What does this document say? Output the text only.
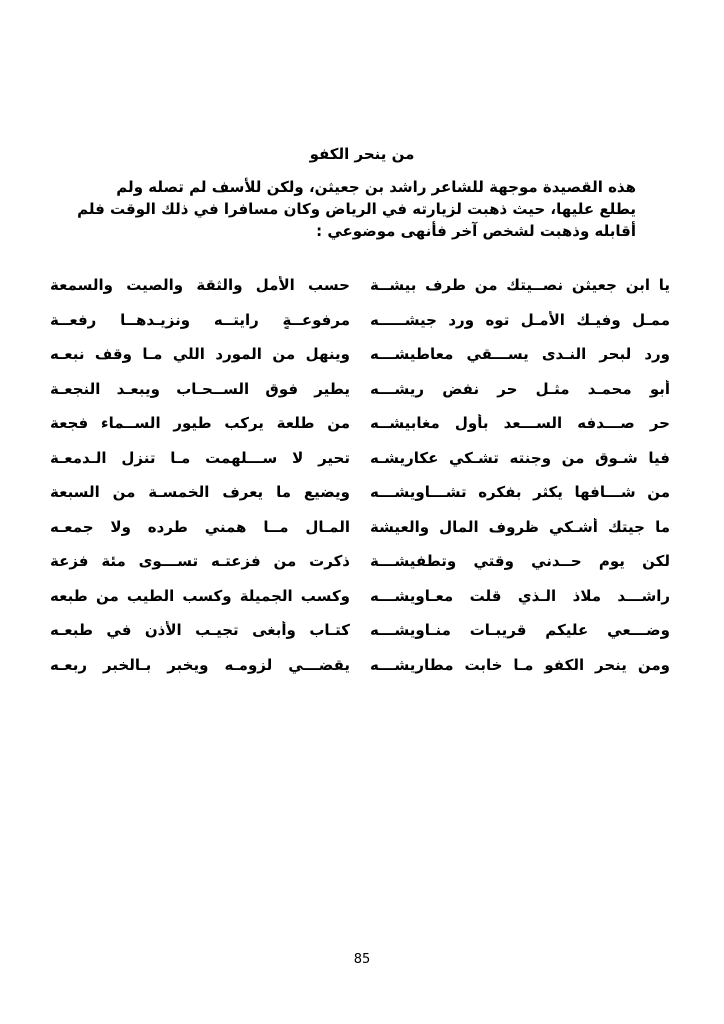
من ينحر الكفو
هذه القصيدة موجهة للشاعر راشد بن جعيثن، ولكن للأسف لم تصله ولم
يطلع عليها، حيث ذهبت لزيارته في الرياض وكان مسافرا في ذلك الوقت فلم
أقابله وذهبت لشخص آخر فأنهى موضوعي :
يا ابن جعيثن نصــيتك من طرف بيشــة
حسب الأمل والثقة والصيت والسمعة
ممـل وفيـك الأمـل توه ورد جيشـــــه
مرفوعــةٍ رايتــه ونزيـدهــا رفعــة
ورد لبحر النـدى يســـقي معاطيشـــه
وينهل من المورد اللي مـا وقف نبعـه
أبو محمـد مثـل حرٍ نفض ريشـــه
يطير فوق الســحـاب ويبعـد النجعـة
حرٍ صـــدفه الســـعد بأول مغابيشــه
من طلعة يركب طيور الســماء فجعة
فيا شـوق من وجنته تشـكي عكاريشـه
تحير لا ســـلهمت مـا تنزل الـدمعـة
من شـــافها يكثر بفكره تشـــاويشـــه
ويضيع ما يعرف الخمسـة من السبعة
ما جيتك أشـكي ظروف المال والعيشة
المـال مــا همني طرده ولا جمعـه
لكن يوم حــدني وقتي وتطفيشـــة
ذكرت من فزعتـه تســـوى مئة فزعة
راشـــد ملاذ الـذي قلت معـاويشـــه
وكسب الجميلة وكسب الطيب من طبعه
وضـــعي عليكم قريبـات منـاويشـــه
كتـاب وأبغى تجيـب الأذن في طبعـه
ومن ينحر الكفو مـا خابت مطاريشـــه
يقضـــي لزومـه ويخبر بـالخبر ربعـه
85
